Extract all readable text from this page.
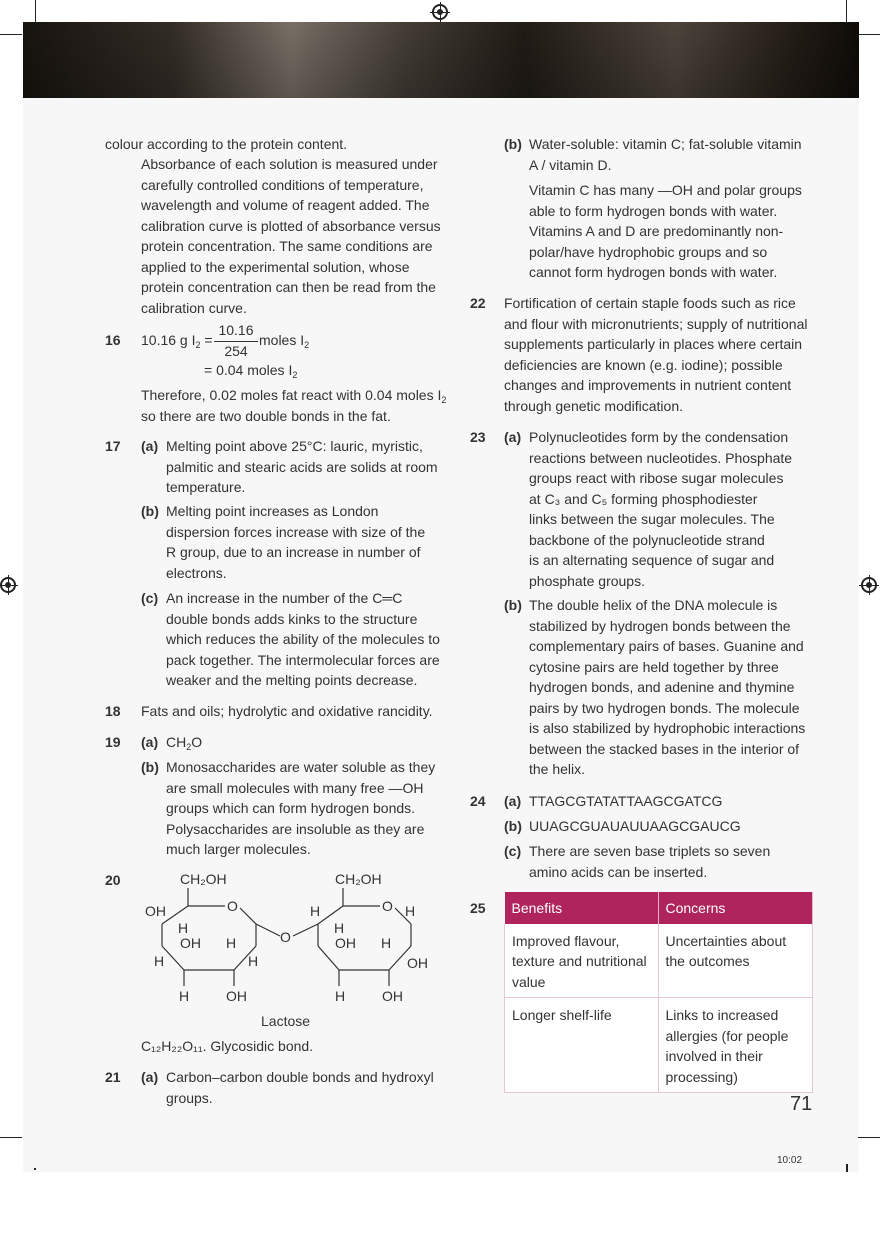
colour according to the protein content.
Absorbance of each solution is measured under
carefully controlled conditions of temperature,
wavelength and volume of reagent added. The
calibration curve is plotted of absorbance versus
protein concentration. The same conditions are
applied to the experimental solution, whose
protein concentration can then be read from the
calibration curve.
16 10.16 g $I_2$ =
10.16
254
moles $I_2$
= 0.04 moles $I_2$
Therefore, 0.02 moles fat react with 0.04 moles $I_2$
so there are two double bonds in the fat.
17 (a) Melting point above 25°C: lauric, myristic,
palmitic and stearic acids are solids at room
temperature.
(b) Melting point increases as London
dispersion forces increase with size of the
R group, due to an increase in number of
electrons.
(c) An increase in the number of the C═C
double bonds adds kinks to the structure
which reduces the ability of the molecules to
pack together. The intermolecular forces are
weaker and the melting points decrease.
18 Fats and oils; hydrolytic and oxidative rancidity.
19 (a) $CH_2O$
(b) Monosaccharides are water soluble as they
are small molecules with many free —OH
groups which can form hydrogen bonds.
Polysaccharides are insoluble as they are
much larger molecules.
20	CH₂OH
O
OH
H
OH H
H	H
H	OH
O
CH₂OH
O
H	H
H
OH H
OH
H	OH
Lactose
C₁₂H₂₂O₁₁. Glycosidic bond.
21 (a) Carbon–carbon double bonds and hydroxyl
groups.
(b) Water-soluble: vitamin C; fat-soluble vitamin
A / vitamin D.
Vitamin C has many —OH and polar groups
able to form hydrogen bonds with water.
Vitamins A and D are predominantly non-
polar/have hydrophobic groups and so
cannot form hydrogen bonds with water.
22 Fortification of certain staple foods such as rice
and flour with micronutrients; supply of nutritional
supplements particularly in places where certain
deficiencies are known (e.g. iodine); possible
changes and improvements in nutrient content
through genetic modification.
23 (a) Polynucleotides form by the condensation
reactions between nucleotides. Phosphate
groups react with ribose sugar molecules
at C₃ and C₅ forming phosphodiester
links between the sugar molecules. The
backbone of the polynucleotide strand
is an alternating sequence of sugar and
phosphate groups.
(b) The double helix of the DNA molecule is
stabilized by hydrogen bonds between the
complementary pairs of bases. Guanine and
cytosine pairs are held together by three
hydrogen bonds, and adenine and thymine
pairs by two hydrogen bonds. The molecule
is also stabilized by hydrophobic interactions
between the stacked bases in the interior of
the helix.
24 (a) TTAGCGTATATTAAGCGATCG
(b) UUAGCGUAUAUUAAGCGAUCG
(c) There are seven base triplets so seven
amino acids can be inserted.
25 Benefits	Concerns
Improved flavour, texture and nutritional value	Uncertainties about the outcomes
Longer shelf-life	Links to increased allergies (for people involved in their processing)
71
10:02
